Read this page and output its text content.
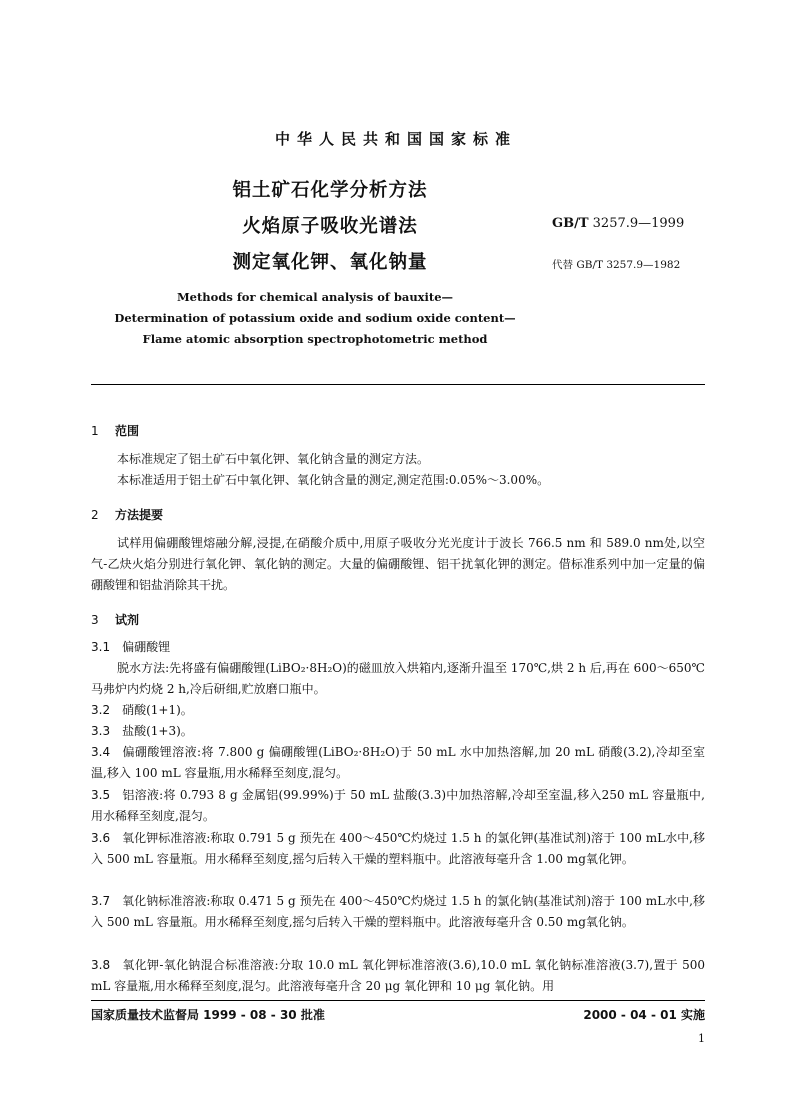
中华人民共和国国家标准
铝土矿石化学分析方法
火焰原子吸收光谱法
测定氧化钾、氧化钠量
GB/T 3257.9—1999
代替 GB/T 3257.9—1982
Methods for chemical analysis of bauxite—
Determination of potassium oxide and sodium oxide content—
Flame atomic absorption spectrophotometric method
1 范围
本标准规定了铝土矿石中氧化钾、氧化钠含量的测定方法。
本标准适用于铝土矿石中氧化钾、氧化钠含量的测定,测定范围:0.05%～3.00%。
2 方法提要
试样用偏硼酸锂熔融分解,浸提,在硝酸介质中,用原子吸收分光光度计于波长 766.5 nm 和 589.0 nm处,以空气-乙炔火焰分别进行氧化钾、氧化钠的测定。大量的偏硼酸锂、铝干扰氧化钾的测定。借标准系列中加一定量的偏硼酸锂和铝盐消除其干扰。
3 试剂
3.1 偏硼酸锂
脱水方法:先将盛有偏硼酸锂(LiBO₂·8H₂O)的磁皿放入烘箱内,逐渐升温至 170℃,烘 2 h 后,再在 600～650℃马弗炉内灼烧 2 h,冷后研细,贮放磨口瓶中。
3.2 硝酸(1+1)。
3.3 盐酸(1+3)。
3.4 偏硼酸锂溶液:将 7.800 g 偏硼酸锂(LiBO₂·8H₂O)于 50 mL 水中加热溶解,加 20 mL 硝酸(3.2),冷却至室温,移入 100 mL 容量瓶,用水稀释至刻度,混匀。
3.5 铝溶液:将 0.793 8 g 金属铝(99.99%)于 50 mL 盐酸(3.3)中加热溶解,冷却至室温,移入250 mL 容量瓶中,用水稀释至刻度,混匀。
3.6 氧化钾标准溶液:称取 0.791 5 g 预先在 400～450℃灼烧过 1.5 h 的氯化钾(基准试剂)溶于 100 mL水中,移入 500 mL 容量瓶。用水稀释至刻度,摇匀后转入干燥的塑料瓶中。此溶液每毫升含 1.00 mg氧化钾。
3.7 氧化钠标准溶液:称取 0.471 5 g 预先在 400～450℃灼烧过 1.5 h 的氯化钠(基准试剂)溶于 100 mL水中,移入 500 mL 容量瓶。用水稀释至刻度,摇匀后转入干燥的塑料瓶中。此溶液每毫升含 0.50 mg氧化钠。
3.8 氧化钾-氧化钠混合标准溶液:分取 10.0 mL 氧化钾标准溶液(3.6),10.0 mL 氧化钠标准溶液(3.7),置于 500 mL 容量瓶,用水稀释至刻度,混匀。此溶液每毫升含 20 μg 氧化钾和 10 μg 氧化钠。用
国家质量技术监督局 1999 - 08 - 30 批准	2000 - 04 - 01 实施
1
